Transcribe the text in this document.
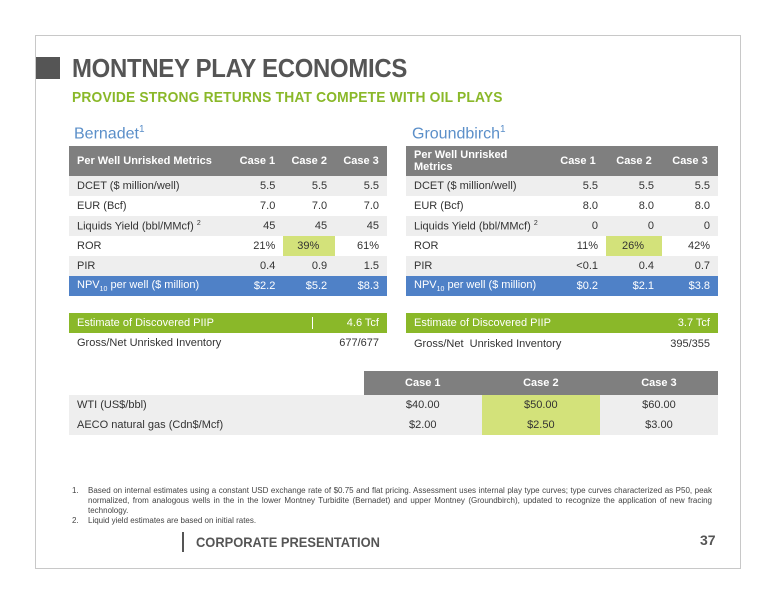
MONTNEY PLAY ECONOMICS
PROVIDE STRONG RETURNS THAT COMPETE WITH OIL PLAYS
Bernadet$^1$
Per Well Unrisked Metrics	Case 1	Case 2	Case 3
DCET ($ million/well)	5.5	5.5	5.5
EUR (Bcf)	7.0	7.0	7.0
Liquids Yield (bbl/MMcf) $^2$	45	45	45
ROR	21%	39%	61%
PIR	0.4	0.9	1.5
$NPV_{10}$ per well ($ million)	$2.2	$5.2	$8.3
Estimate of Discovered PIIP	4.6 Tcf
Gross/Net Unrisked Inventory	677/677
Groundbirch$^1$
Per Well Unrisked Metrics	Case 1	Case 2	Case 3
DCET ($ million/well)	5.5	5.5	5.5
EUR (Bcf)	8.0	8.0	8.0
Liquids Yield (bbl/MMcf) $^2$	0	0	0
ROR	11%	26%	42%
PIR	<0.1	0.4	0.7
$NPV_{10}$ per well ($ million)	$0.2	$2.1	$3.8
Estimate of Discovered PIIP	3.7 Tcf
Gross/Net  Unrisked Inventory	395/355
	Case 1	Case 2	Case 3
WTI (US$/bbl)	$40.00	$50.00	$60.00
AECO natural gas (Cdn$/Mcf)	$2.00	$2.50	$3.00
1.	Based on internal estimates using a constant USD exchange rate of $0.75 and flat pricing. Assessment uses internal play type curves; type curves characterized as P50, peak normalized, from analogous wells in the in the lower Montney Turbidite (Bernadet) and upper Montney (Groundbirch), updated to recognize the application of new fracing technology.
2.	Liquid yield estimates are based on initial rates.
CORPORATE PRESENTATION	37
